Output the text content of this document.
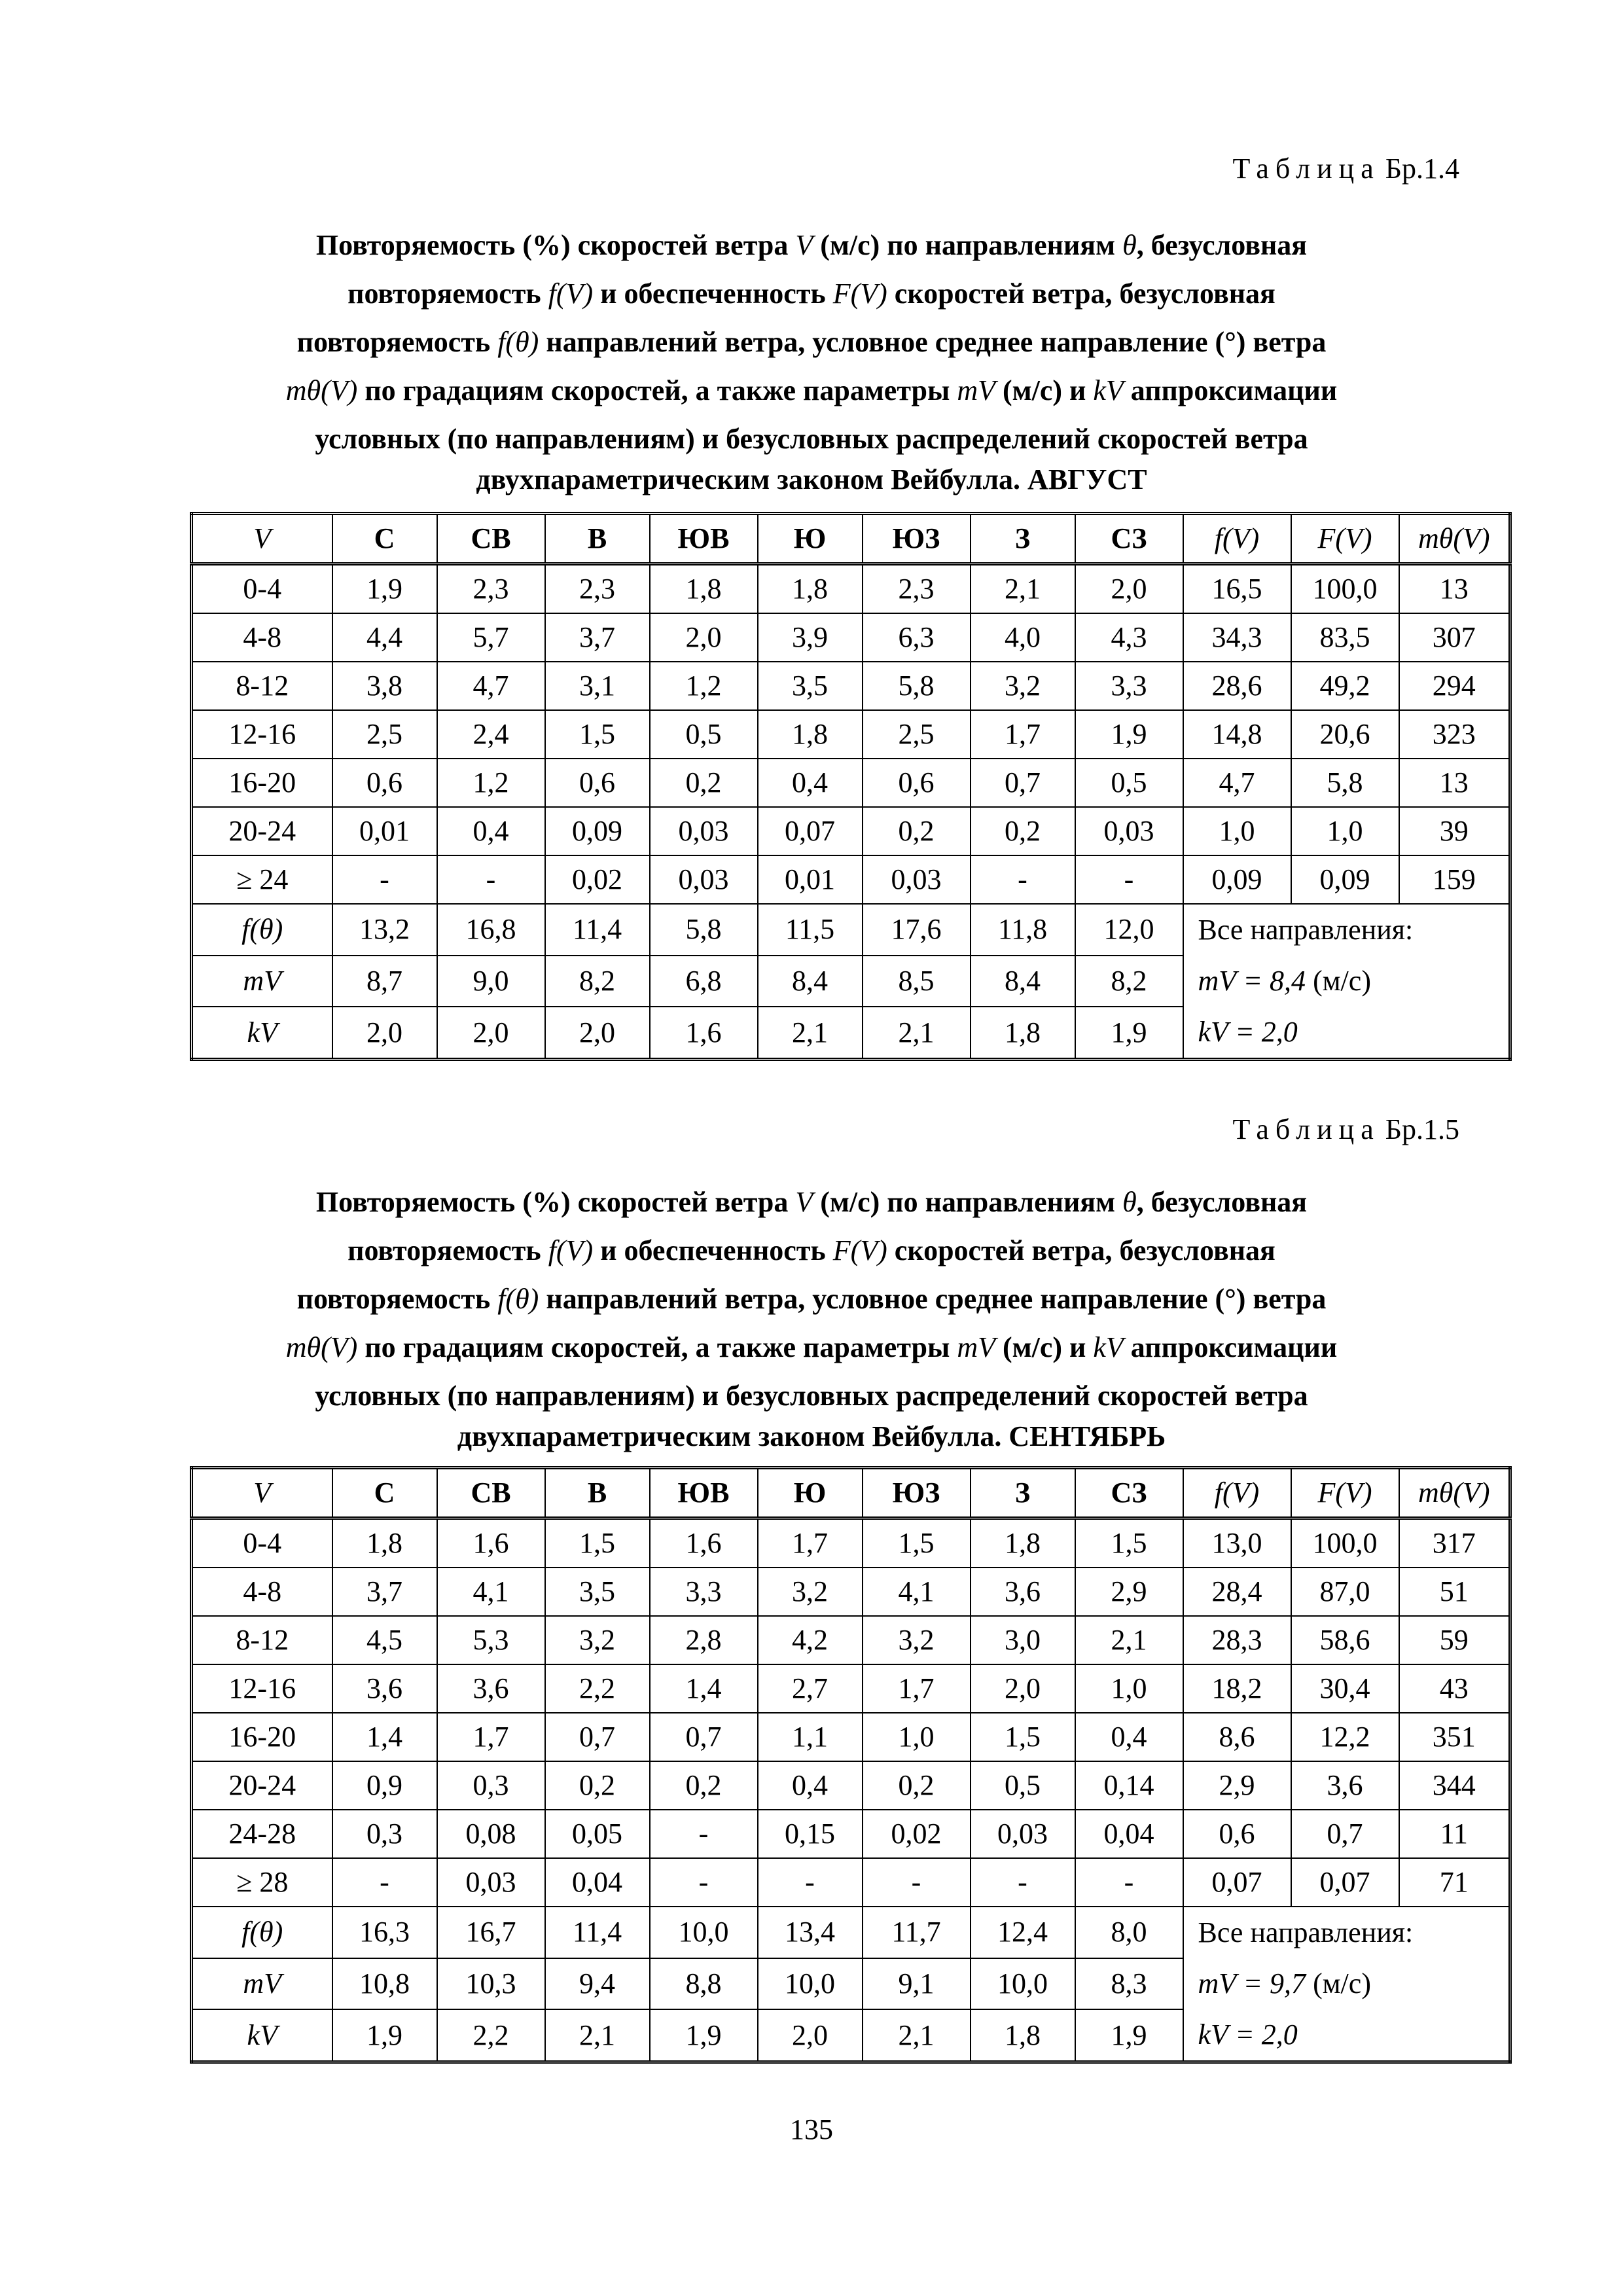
Таблица Бр.1.4
Повторяемость (%) скоростей ветра V (м/с) по направлениям θ, безусловная
повторяемость f(V) и обеспеченность F(V) скоростей ветра, безусловная
повторяемость f(θ) направлений ветра, условное среднее направление (°) ветра
mθ(V) по градациям скоростей, а также параметры mV (м/с) и kV аппроксимации
условных (по направлениям) и безусловных распределений скоростей ветра
двухпараметрическим законом Вейбулла. АВГУСТ
V	С	СВ	В	ЮВ	Ю	ЮЗ	З	СЗ	f(V)	F(V)	mθ(V)
0-4	1,9	2,3	2,3	1,8	1,8	2,3	2,1	2,0	16,5	100,0	13
4-8	4,4	5,7	3,7	2,0	3,9	6,3	4,0	4,3	34,3	83,5	307
8-12	3,8	4,7	3,1	1,2	3,5	5,8	3,2	3,3	28,6	49,2	294
12-16	2,5	2,4	1,5	0,5	1,8	2,5	1,7	1,9	14,8	20,6	323
16-20	0,6	1,2	0,6	0,2	0,4	0,6	0,7	0,5	4,7	5,8	13
20-24	0,01	0,4	0,09	0,03	0,07	0,2	0,2	0,03	1,0	1,0	39
≥ 24	-	-	0,02	0,03	0,01	0,03	-	-	0,09	0,09	159
f(θ)	13,2	16,8	11,4	5,8	11,5	17,6	11,8	12,0	Все направления:
mV = 8,4 (м/с)
kV = 2,0		

mV	8,7	9,0	8,2	6,8	8,4	8,5	8,4	8,2			
kV	2,0	2,0	2,0	1,6	2,1	2,1	1,8	1,9			
Таблица Бр.1.5
Повторяемость (%) скоростей ветра V (м/с) по направлениям θ, безусловная
повторяемость f(V) и обеспеченность F(V) скоростей ветра, безусловная
повторяемость f(θ) направлений ветра, условное среднее направление (°) ветра
mθ(V) по градациям скоростей, а также параметры mV (м/с) и kV аппроксимации
условных (по направлениям) и безусловных распределений скоростей ветра
двухпараметрическим законом Вейбулла. СЕНТЯБРЬ
V	С	СВ	В	ЮВ	Ю	ЮЗ	З	СЗ	f(V)	F(V)	mθ(V)
0-4	1,8	1,6	1,5	1,6	1,7	1,5	1,8	1,5	13,0	100,0	317
4-8	3,7	4,1	3,5	3,3	3,2	4,1	3,6	2,9	28,4	87,0	51
8-12	4,5	5,3	3,2	2,8	4,2	3,2	3,0	2,1	28,3	58,6	59
12-16	3,6	3,6	2,2	1,4	2,7	1,7	2,0	1,0	18,2	30,4	43
16-20	1,4	1,7	0,7	0,7	1,1	1,0	1,5	0,4	8,6	12,2	351
20-24	0,9	0,3	0,2	0,2	0,4	0,2	0,5	0,14	2,9	3,6	344
24-28	0,3	0,08	0,05	-	0,15	0,02	0,03	0,04	0,6	0,7	11
≥ 28	-	0,03	0,04	-	-	-	-	-	0,07	0,07	71
f(θ)	16,3	16,7	11,4	10,0	13,4	11,7	12,4	8,0	Все направления:
mV = 9,7 (м/с)
kV = 2,0		

mV	10,8	10,3	9,4	8,8	10,0	9,1	10,0	8,3			
kV	1,9	2,2	2,1	1,9	2,0	2,1	1,8	1,9			
135
